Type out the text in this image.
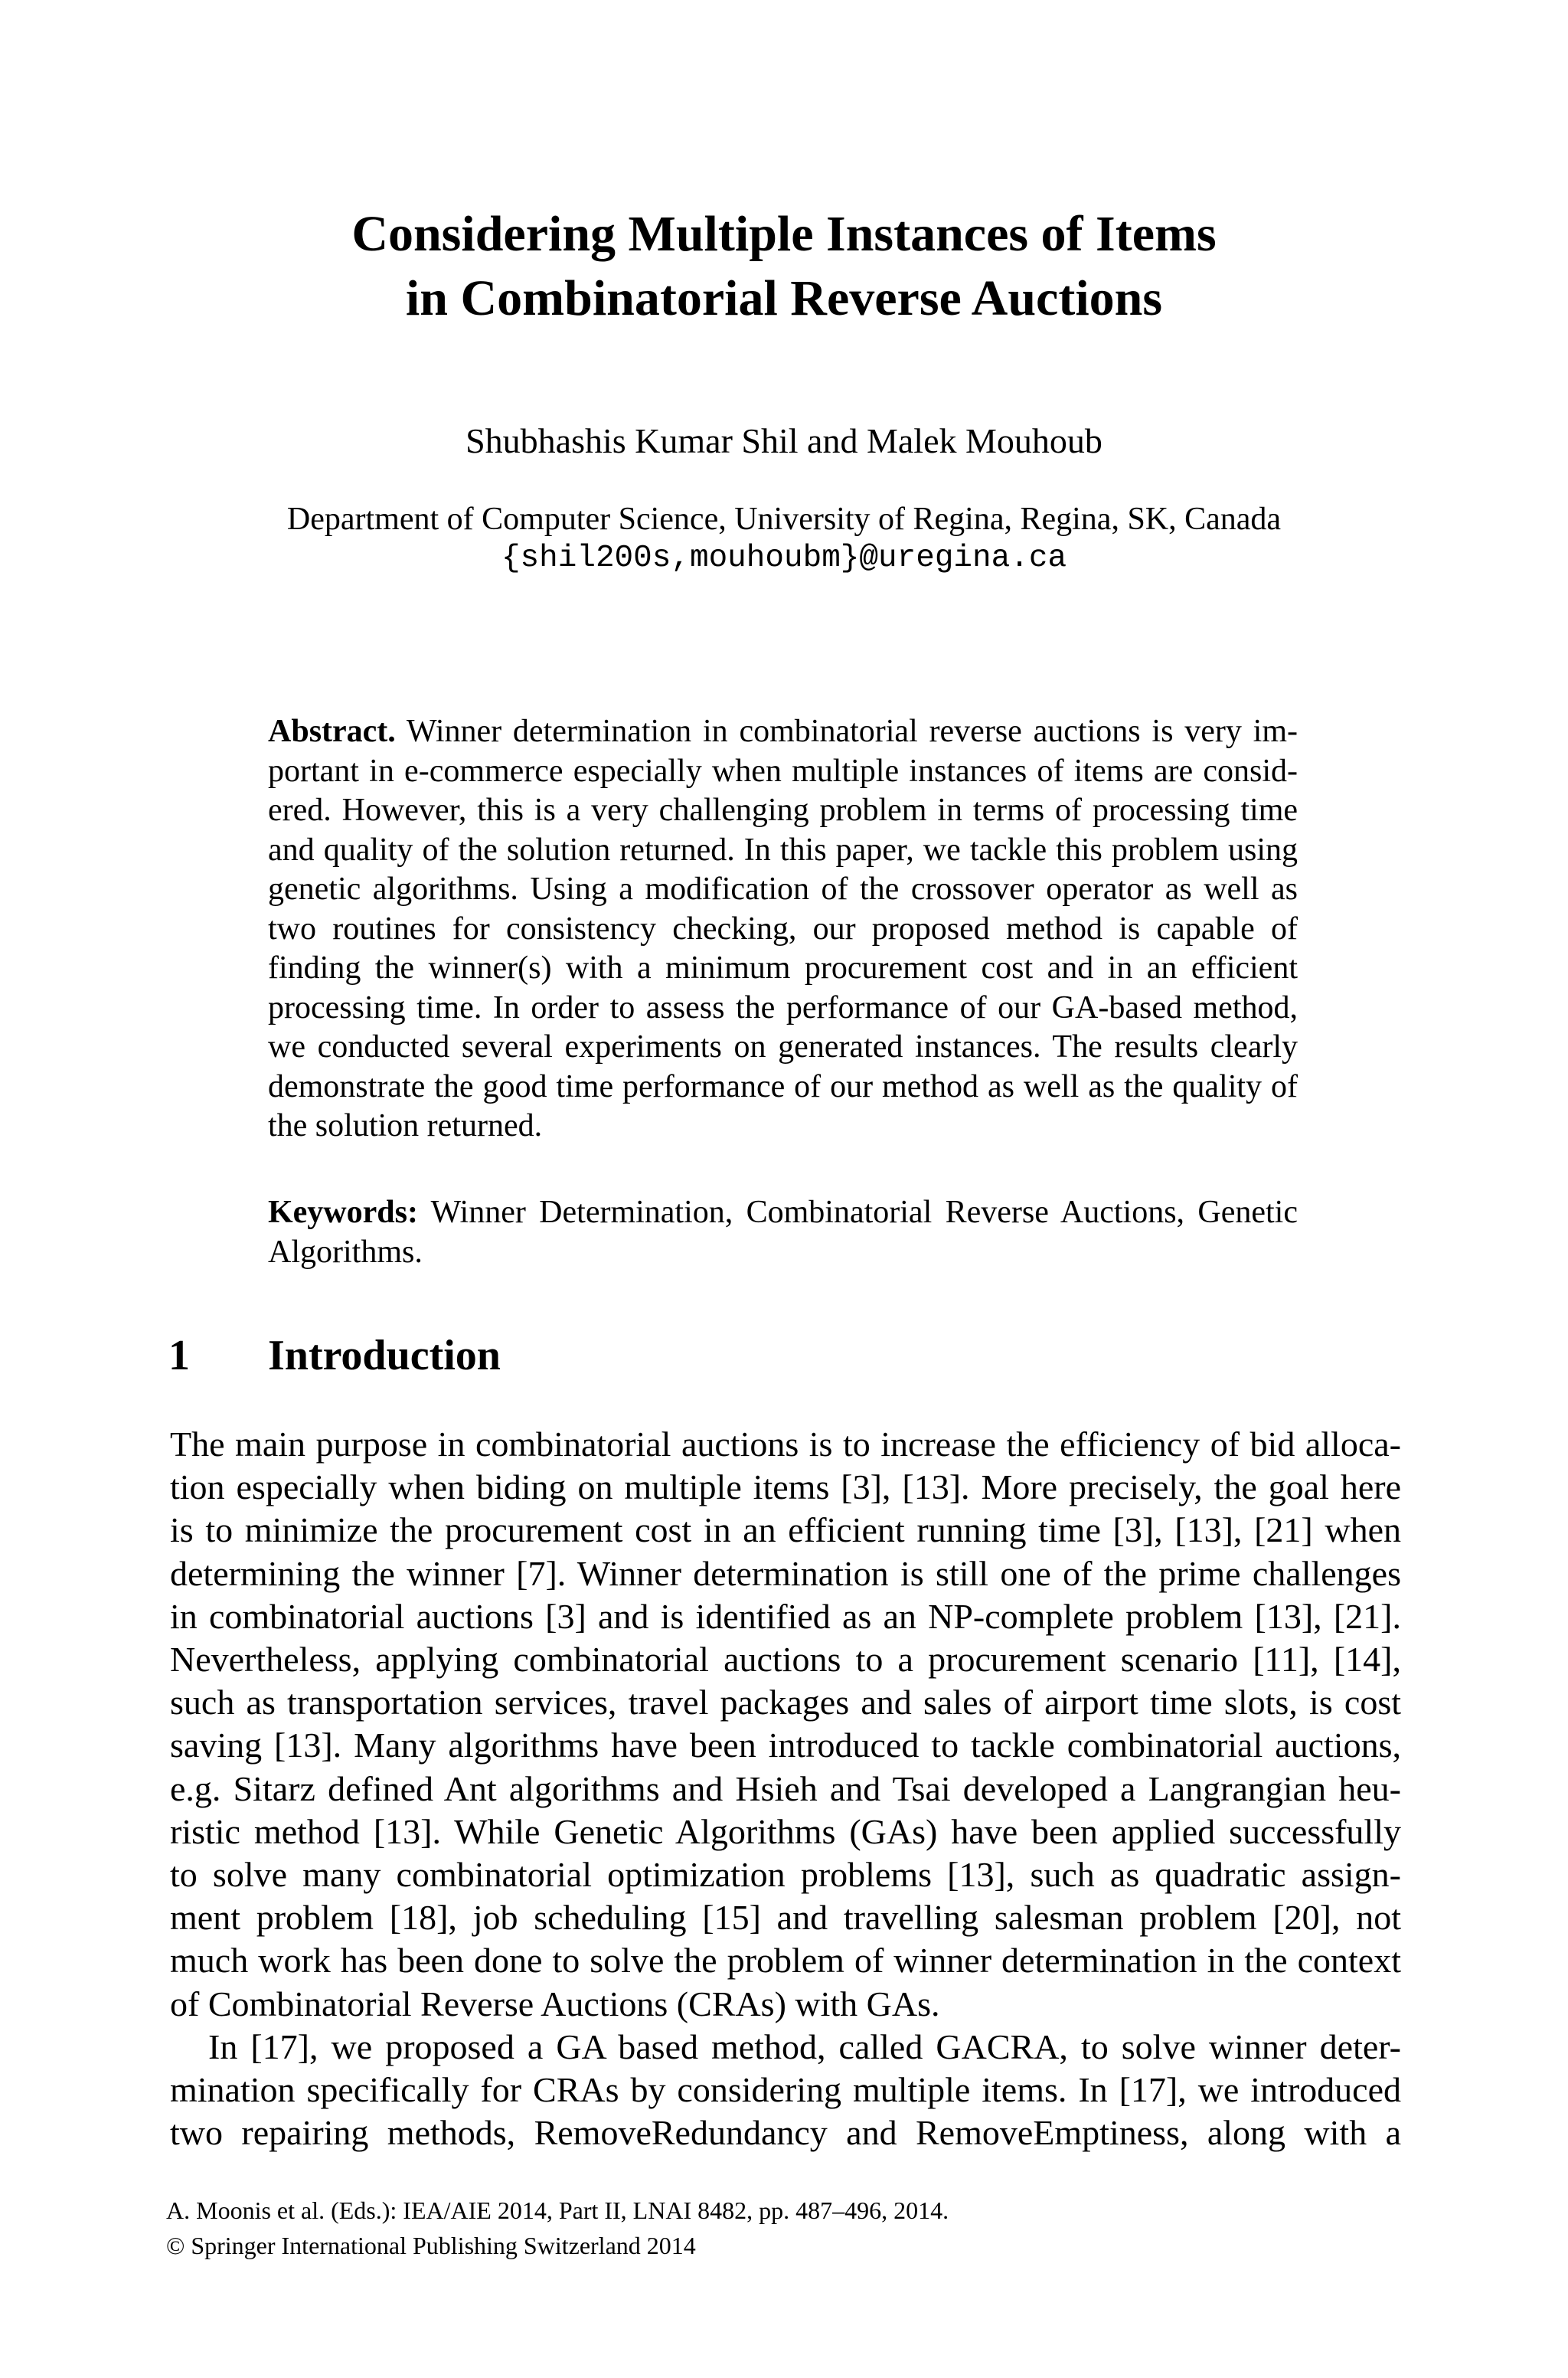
Considering Multiple Instances of Items
in Combinatorial Reverse Auctions
Shubhashis Kumar Shil and Malek Mouhoub
Department of Computer Science, University of Regina, Regina, SK, Canada
{shil200s,mouhoubm}@uregina.ca
Abstract. Winner determination in combinatorial reverse auctions is very im-
portant in e-commerce especially when multiple instances of items are consid-
ered. However, this is a very challenging problem in terms of processing time
and quality of the solution returned. In this paper, we tackle this problem using
genetic algorithms. Using a modification of the crossover operator as well as
two routines for consistency checking, our proposed method is capable of
finding the winner(s) with a minimum procurement cost and in an efficient
processing time. In order to assess the performance of our GA-based method,
we conducted several experiments on generated instances. The results clearly
demonstrate the good time performance of our method as well as the quality of
the solution returned.
Keywords: Winner Determination, Combinatorial Reverse Auctions, Genetic
Algorithms.
1 Introduction
The main purpose in combinatorial auctions is to increase the efficiency of bid alloca-
tion especially when biding on multiple items [3], [13]. More precisely, the goal here
is to minimize the procurement cost in an efficient running time [3], [13], [21] when
determining the winner [7]. Winner determination is still one of the prime challenges
in combinatorial auctions [3] and is identified as an NP-complete problem [13], [21].
Nevertheless, applying combinatorial auctions to a procurement scenario [11], [14],
such as transportation services, travel packages and sales of airport time slots, is cost
saving [13]. Many algorithms have been introduced to tackle combinatorial auctions,
e.g. Sitarz defined Ant algorithms and Hsieh and Tsai developed a Langrangian heu-
ristic method [13]. While Genetic Algorithms (GAs) have been applied successfully
to solve many combinatorial optimization problems [13], such as quadratic assign-
ment problem [18], job scheduling [15] and travelling salesman problem [20], not
much work has been done to solve the problem of winner determination in the context
of Combinatorial Reverse Auctions (CRAs) with GAs.
In [17], we proposed a GA based method, called GACRA, to solve winner deter-
mination specifically for CRAs by considering multiple items. In [17], we introduced
two repairing methods, RemoveRedundancy and RemoveEmptiness, along with a
A. Moonis et al. (Eds.): IEA/AIE 2014, Part II, LNAI 8482, pp. 487–496, 2014.
© Springer International Publishing Switzerland 2014
